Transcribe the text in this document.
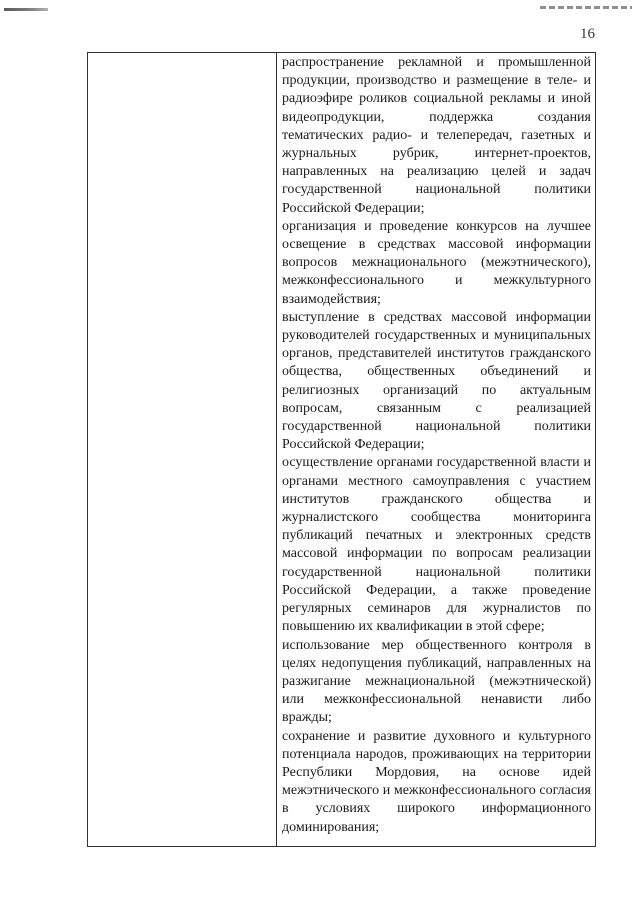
16

распространение рекламной и промышленной продукции, производство и размещение в теле- и радиоэфире роликов социальной рекламы и иной видеопродукции, поддержка создания тематических радио- и телепередач, газетных и журнальных рубрик, интернет-проектов, направленных на реализацию целей и задач государственной национальной политики Российской Федерации;

организация и проведение конкурсов на лучшее освещение в средствах массовой информации вопросов межнационального (межэтнического), межконфессионального и межкультурного взаимодействия;

выступление в средствах массовой информации руководителей государственных и муниципальных органов, представителей институтов гражданского общества, общественных объединений и религиозных организаций по актуальным вопросам, связанным с реализацией государственной национальной политики Российской Федерации;

осуществление органами государственной власти и органами местного самоуправления с участием институтов гражданского общества и журналистского сообщества мониторинга публикаций печатных и электронных средств массовой информации по вопросам реализации государственной национальной политики Российской Федерации, а также проведение регулярных семинаров для журналистов по повышению их квалификации в этой сфере;

использование мер общественного контроля в целях недопущения публикаций, направленных на разжигание межнациональной (межэтнической) или межконфессиональной ненависти либо вражды;

сохранение и развитие духовного и культурного потенциала народов, проживающих на территории Республики Мордовия, на основе идей межэтнического и межконфессионального согласия в условиях широкого информационного доминирования;
